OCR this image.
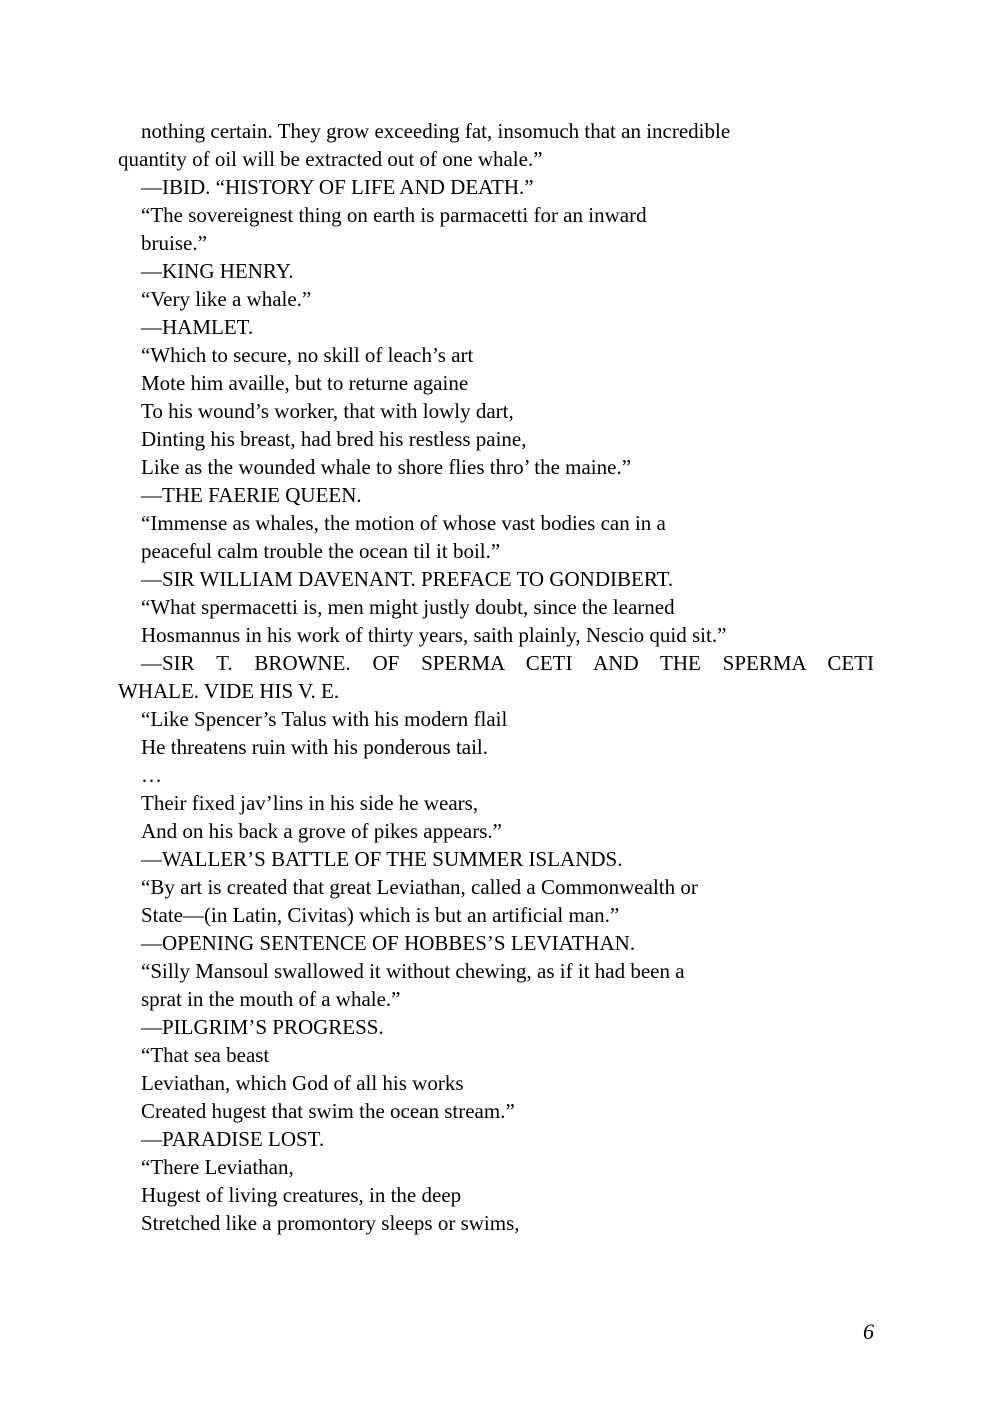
nothing certain. They grow exceeding fat, insomuch that an incredible
quantity of oil will be extracted out of one whale.”
—IBID. “HISTORY OF LIFE AND DEATH.”
“The sovereignest thing on earth is parmacetti for an inward
bruise.”
—KING HENRY.
“Very like a whale.”
—HAMLET.
“Which to secure, no skill of leach’s art
Mote him availle, but to returne againe
To his wound’s worker, that with lowly dart,
Dinting his breast, had bred his restless paine,
Like as the wounded whale to shore flies thro’ the maine.”
—THE FAERIE QUEEN.
“Immense as whales, the motion of whose vast bodies can in a
peaceful calm trouble the ocean til it boil.”
—SIR WILLIAM DAVENANT. PREFACE TO GONDIBERT.
“What spermacetti is, men might justly doubt, since the learned
Hosmannus in his work of thirty years, saith plainly, Nescio quid sit.”
—SIR T. BROWNE. OF SPERMA CETI AND THE SPERMA CETI
WHALE. VIDE HIS V. E.
“Like Spencer’s Talus with his modern flail
He threatens ruin with his ponderous tail.
…
Their fixed jav’lins in his side he wears,
And on his back a grove of pikes appears.”
—WALLER’S BATTLE OF THE SUMMER ISLANDS.
“By art is created that great Leviathan, called a Commonwealth or
State—(in Latin, Civitas) which is but an artificial man.”
—OPENING SENTENCE OF HOBBES’S LEVIATHAN.
“Silly Mansoul swallowed it without chewing, as if it had been a
sprat in the mouth of a whale.”
—PILGRIM’S PROGRESS.
“That sea beast
Leviathan, which God of all his works
Created hugest that swim the ocean stream.”
—PARADISE LOST.
“There Leviathan,
Hugest of living creatures, in the deep
Stretched like a promontory sleeps or swims,
6
